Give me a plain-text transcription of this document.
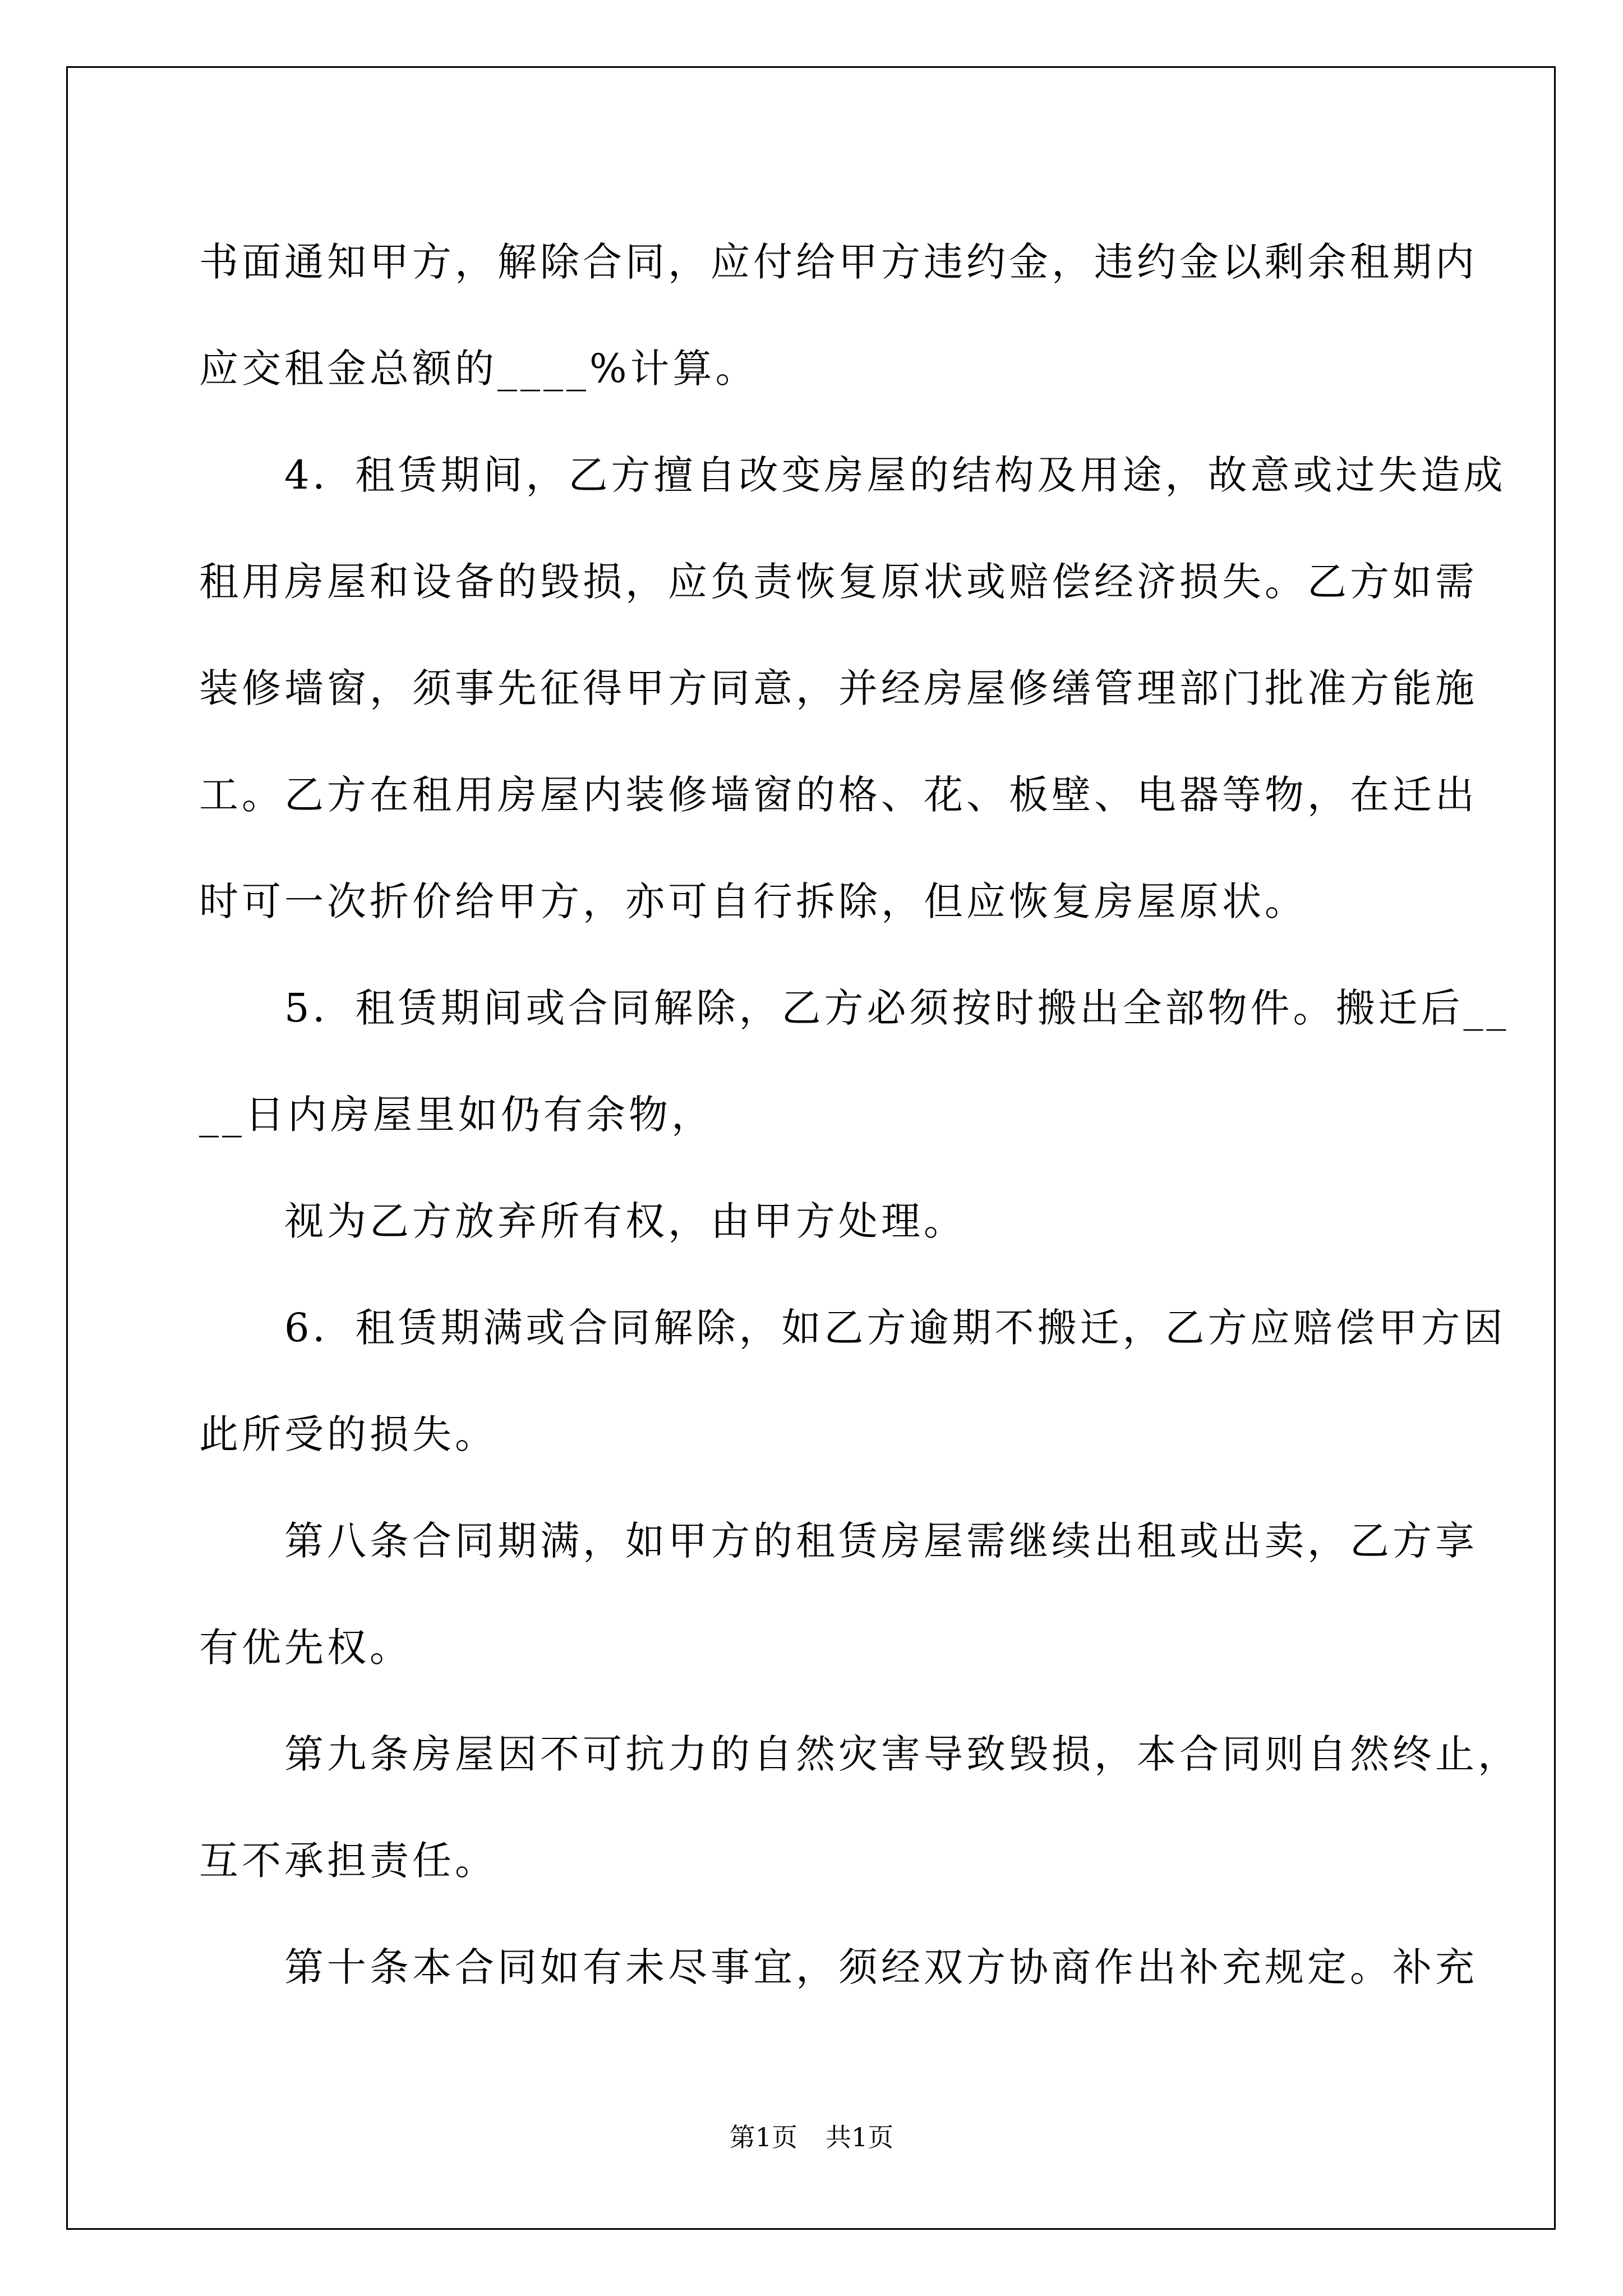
书面通知甲方，解除合同，应付给甲方违约金，违约金以剩余租期内

应交租金总额的____%计算。

4．租赁期间，乙方擅自改变房屋的结构及用途，故意或过失造成

租用房屋和设备的毁损，应负责恢复原状或赔偿经济损失。乙方如需

装修墙窗，须事先征得甲方同意，并经房屋修缮管理部门批准方能施

工。乙方在租用房屋内装修墙窗的格、花、板壁、电器等物，在迁出

时可一次折价给甲方，亦可自行拆除，但应恢复房屋原状。

5．租赁期间或合同解除，乙方必须按时搬出全部物件。搬迁后__

__日内房屋里如仍有余物，

视为乙方放弃所有权，由甲方处理。

6．租赁期满或合同解除，如乙方逾期不搬迁，乙方应赔偿甲方因

此所受的损失。

第八条合同期满，如甲方的租赁房屋需继续出租或出卖，乙方享

有优先权。

第九条房屋因不可抗力的自然灾害导致毁损，本合同则自然终止，

互不承担责任。

第十条本合同如有未尽事宜，须经双方协商作出补充规定。补充

第1页 共1页
